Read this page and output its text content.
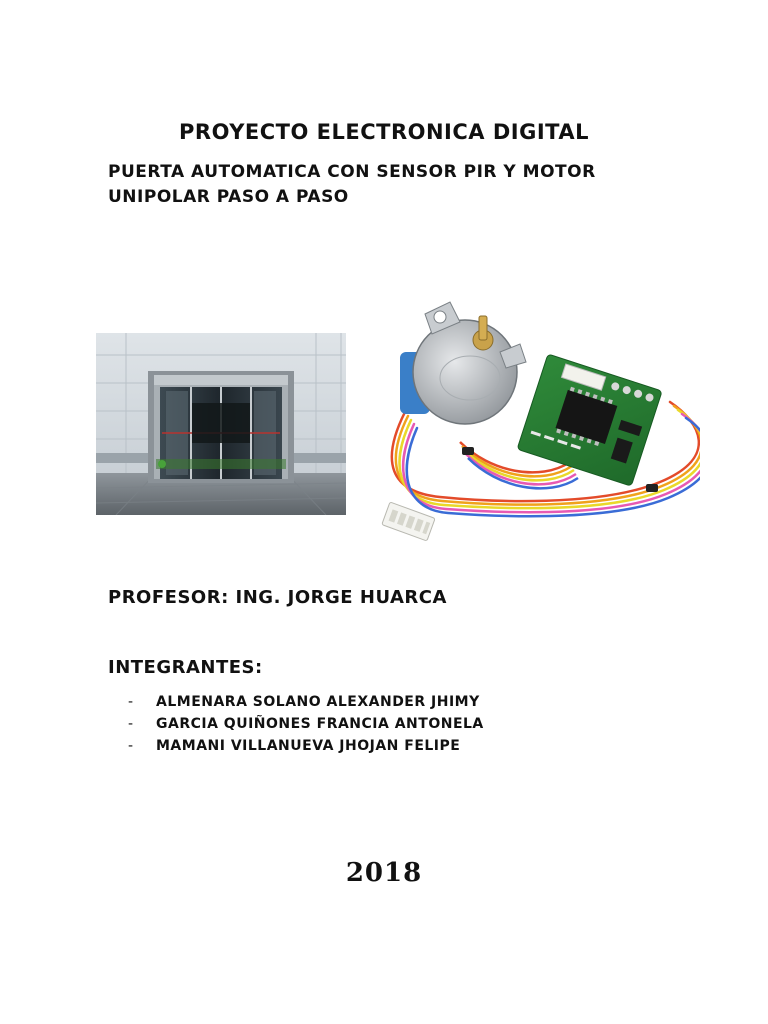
PROYECTO ELECTRONICA DIGITAL
PUERTA AUTOMATICA CON SENSOR PIR Y MOTOR
UNIPOLAR PASO A PASO
PROFESOR: ING. JORGE HUARCA
INTEGRANTES:
- ALMENARA SOLANO ALEXANDER JHIMY
- GARCIA QUIÑONES FRANCIA ANTONELA
- MAMANI VILLANUEVA JHOJAN FELIPE
2018
